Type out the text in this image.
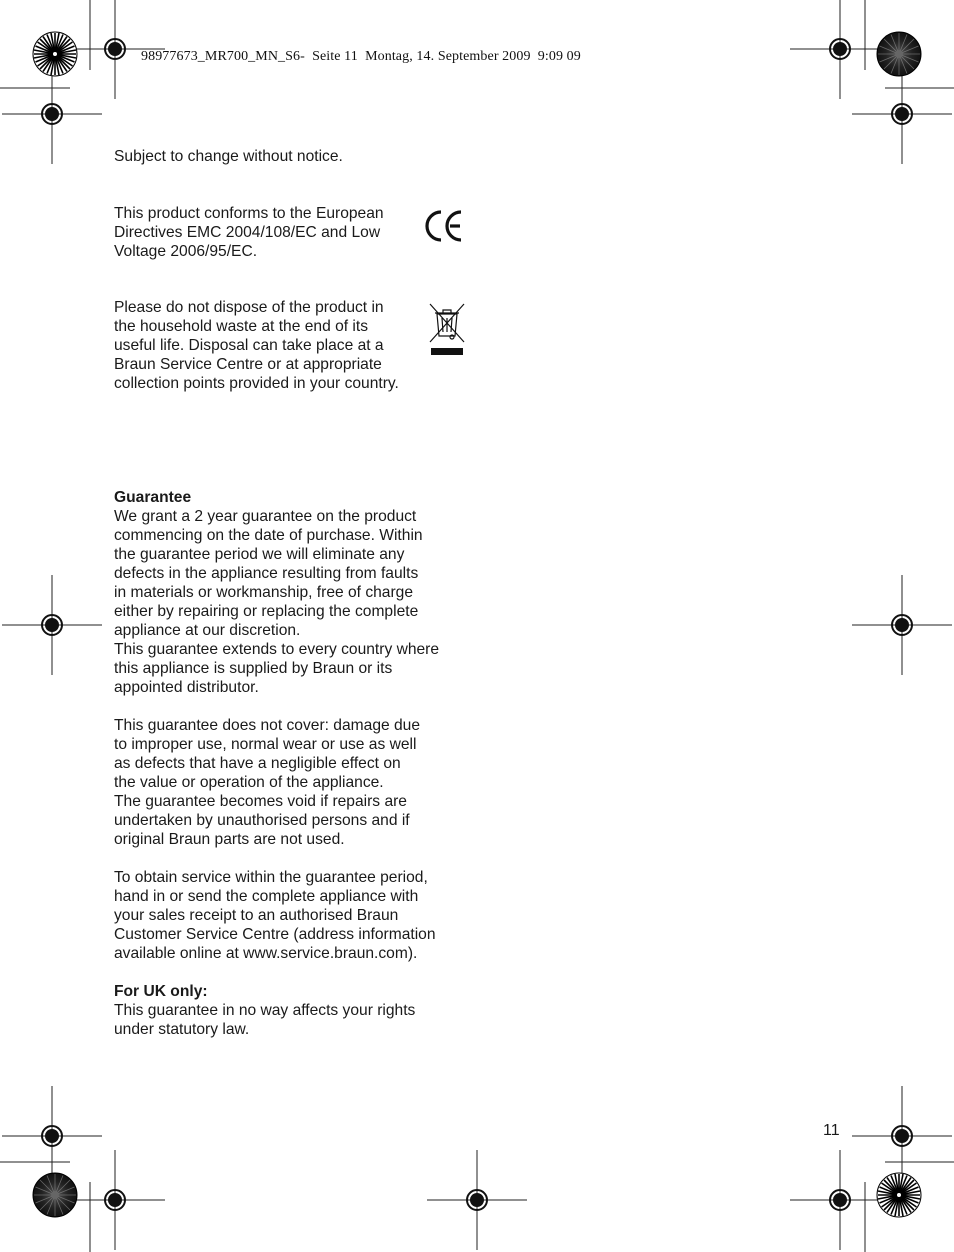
98977673_MR700_MN_S6-  Seite 11  Montag, 14. September 2009  9:09 09
Subject to change without notice.
This product conforms to the European
Directives EMC 2004/108/EC and Low
Voltage 2006/95/EC.
Please do not dispose of the product in
the household waste at the end of its
useful life. Disposal can take place at a
Braun Service Centre or at appropriate
collection points provided in your country.
Guarantee
We grant a 2 year guarantee on the product
commencing on the date of purchase. Within
the guarantee period we will eliminate any
defects in the appliance resulting from faults
in materials or workmanship, free of charge
either by repairing or replacing the complete
appliance at our discretion.
This guarantee extends to every country where
this appliance is supplied by Braun or its
appointed distributor.
This guarantee does not cover: damage due
to improper use, normal wear or use as well
as defects that have a negligible effect on
the value or operation of the appliance.
The guarantee becomes void if repairs are
undertaken by unauthorised persons and if
original Braun parts are not used.
To obtain service within the guarantee period,
hand in or send the complete appliance with
your sales receipt to an authorised Braun
Customer Service Centre (address information
available online at www.service.braun.com).
For UK only:
This guarantee in no way affects your rights
under statutory law.
11
